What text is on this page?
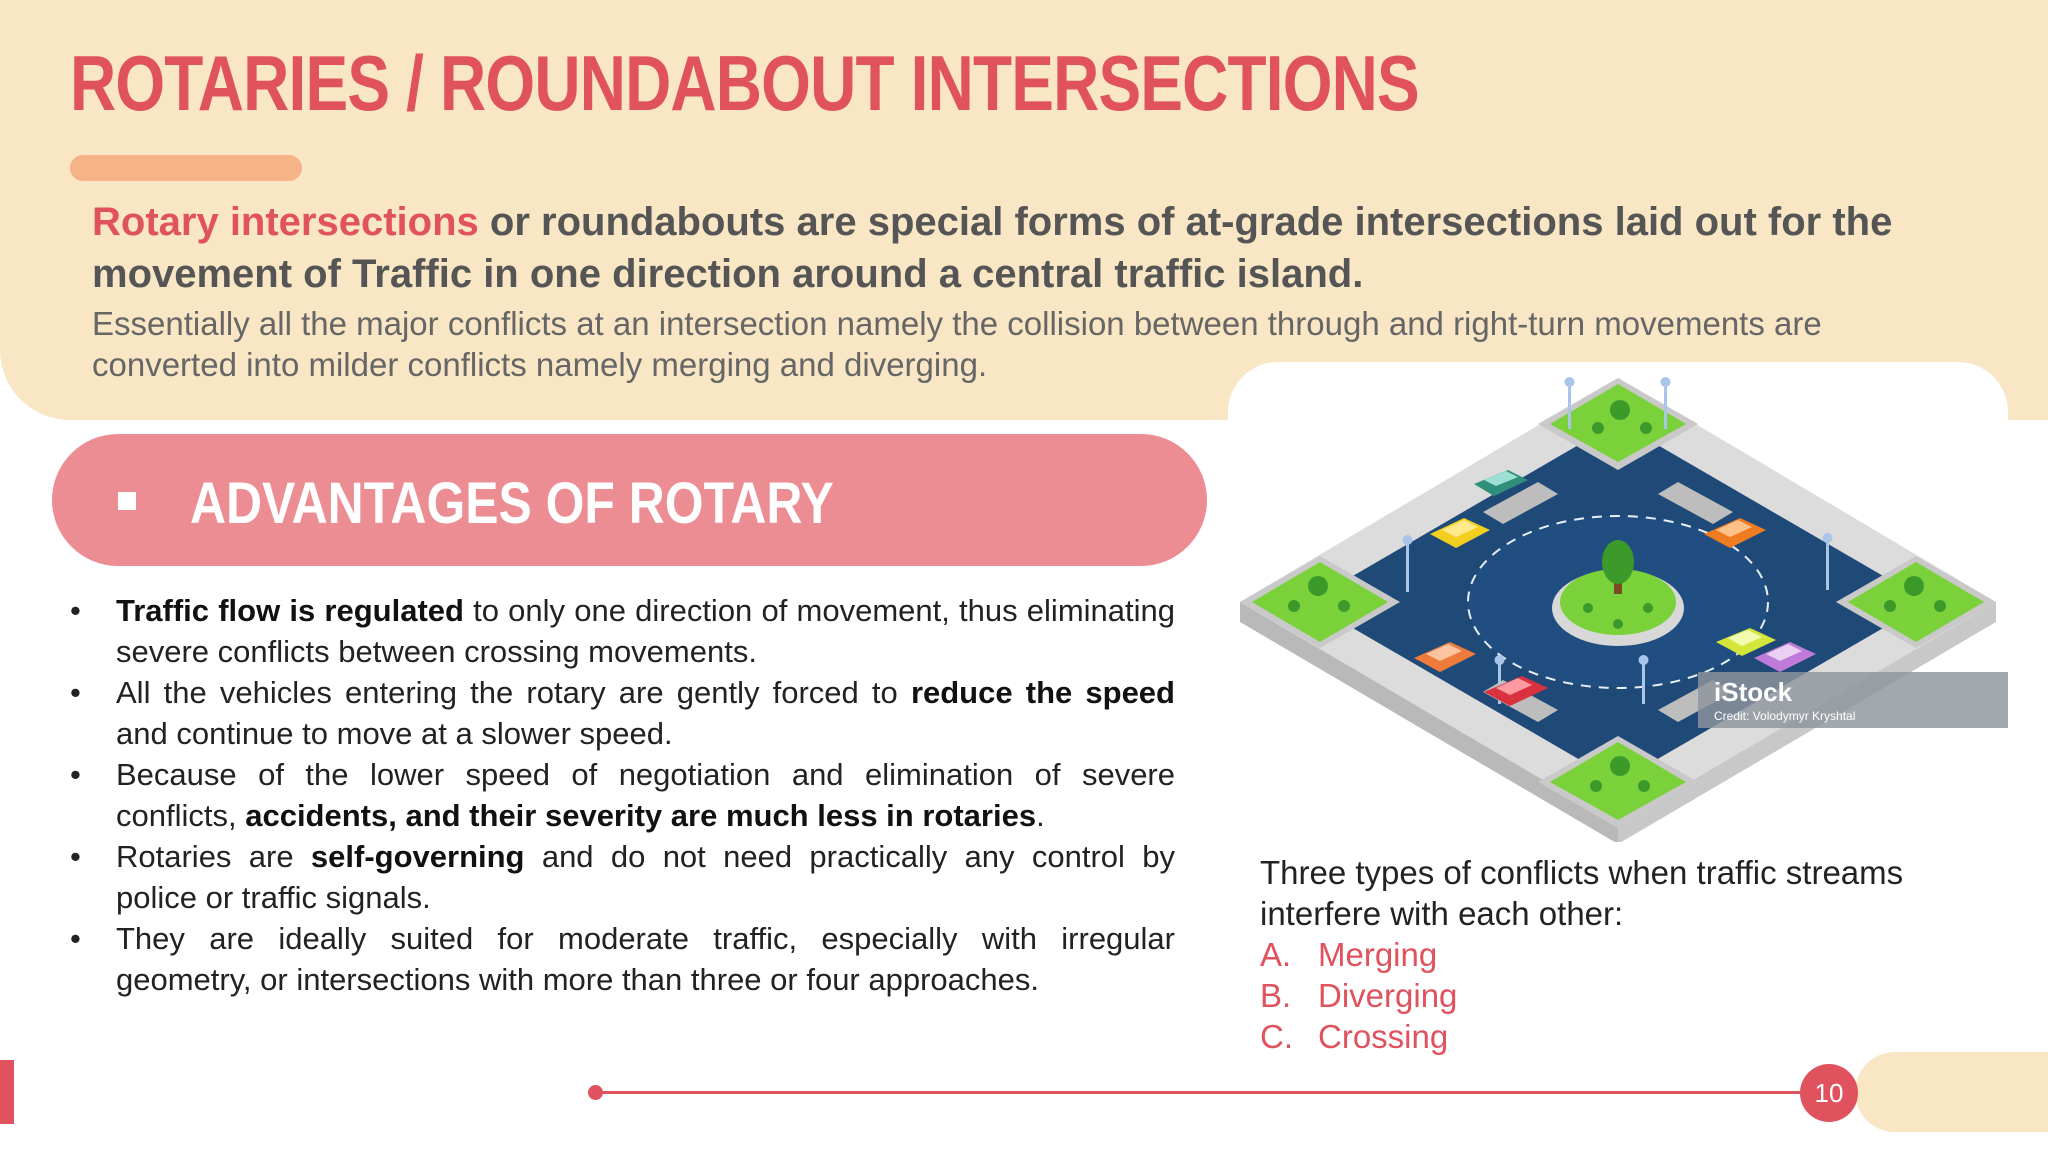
ROTARIES / ROUNDABOUT INTERSECTIONS

Rotary intersections or roundabouts are special forms of at-grade intersections laid out for the movement of Traffic in one direction around a central traffic island.

Essentially all the major conflicts at an intersection namely the collision between through and right-turn movements are converted into milder conflicts namely merging and diverging.

ADVANTAGES OF ROTARY
• Traffic flow is regulated to only one direction of movement, thus eliminating severe conflicts between crossing movements.
• All the vehicles entering the rotary are gently forced to reduce the speed and continue to move at a slower speed.
• Because of the lower speed of negotiation and elimination of severe conflicts, accidents, and their severity are much less in rotaries.
• Rotaries are self-governing and do not need practically any control by police or traffic signals.
• They are ideally suited for moderate traffic, especially with irregular geometry, or intersections with more than three or four approaches.
iStock
Credit: Volodymyr Kryshtal

Three types of conflicts when traffic streams interfere with each other:

A. Merging
B. Diverging
C. Crossing
10
